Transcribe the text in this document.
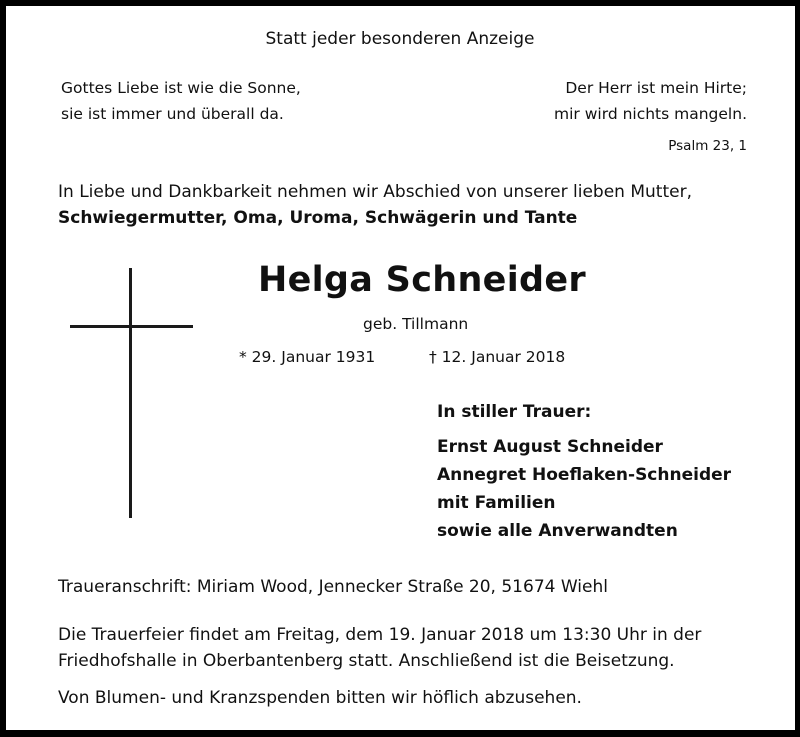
Statt jeder besonderen Anzeige
Gottes Liebe ist wie die Sonne,
sie ist immer und überall da.
Der Herr ist mein Hirte;
mir wird nichts mangeln.
Psalm 23, 1
In Liebe und Dankbarkeit nehmen wir Abschied von unserer lieben Mutter,
Schwiegermutter, Oma, Uroma, Schwägerin und Tante
Helga Schneider
geb. Tillmann
* 29. Januar 1931	† 12. Januar 2018
In stiller Trauer:
Ernst August Schneider
Annegret Hoeflaken-Schneider
mit Familien
sowie alle Anverwandten
Traueranschrift: Miriam Wood, Jennecker Straße 20, 51674 Wiehl
Die Trauerfeier findet am Freitag, dem 19. Januar 2018 um 13:30 Uhr in der
Friedhofshalle in Oberbantenberg statt. Anschließend ist die Beisetzung.
Von Blumen- und Kranzspenden bitten wir höflich abzusehen.
